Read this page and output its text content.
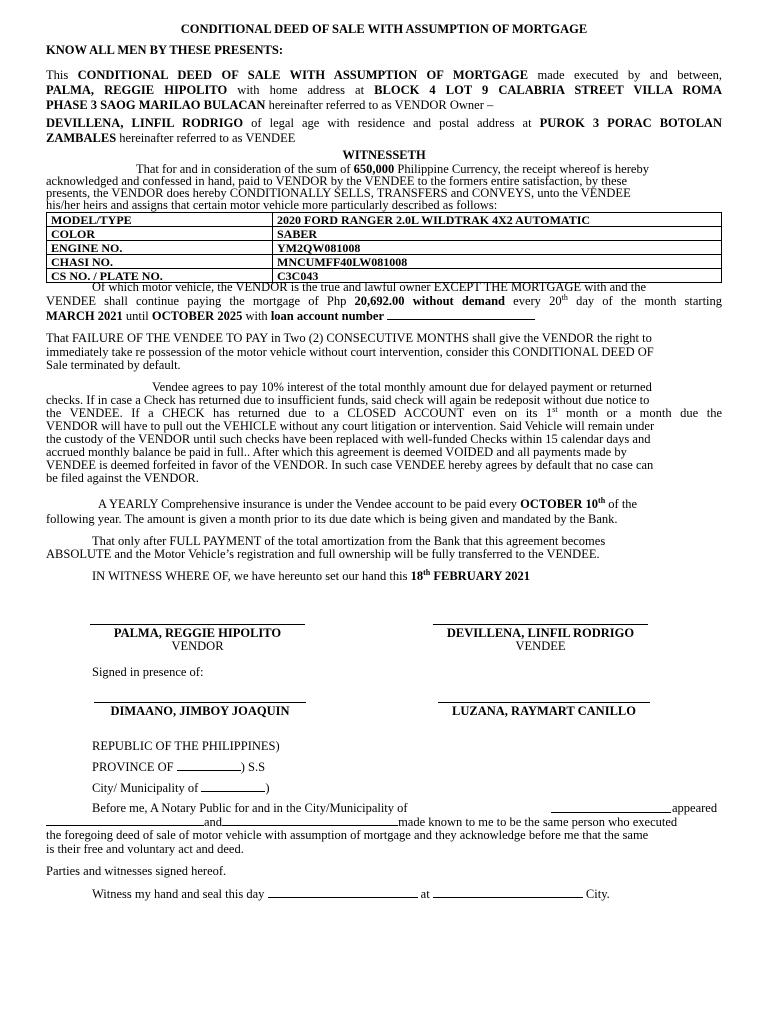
CONDITIONAL DEED OF SALE WITH ASSUMPTION OF MORTGAGE
KNOW ALL MEN BY THESE PRESENTS:
This CONDITIONAL DEED OF SALE WITH ASSUMPTION OF MORTGAGE made executed by and between,
PALMA, REGGIE HIPOLITO with home address at BLOCK 4 LOT 9 CALABRIA STREET VILLA ROMA
PHASE 3 SAOG MARILAO BULACAN hereinafter referred to as VENDOR Owner –
DEVILLENA, LINFIL RODRIGO of legal age with residence and postal address at PUROK 3 PORAC BOTOLAN
ZAMBALES hereinafter referred to as VENDEE
WITNESSETH
That for and in consideration of the sum of 650,000 Philippine Currency, the receipt whereof is hereby
acknowledged and confessed in hand, paid to VENDOR by the VENDEE to the formers entire satisfaction, by these
presents, the VENDOR does hereby CONDITIONALLY SELLS, TRANSFERS and CONVEYS, unto the VENDEE
his/her heirs and assigns that certain motor vehicle more particularly described as follows:
MODEL/TYPE	2020 FORD RANGER 2.0L WILDTRAK 4X2 AUTOMATIC
COLOR	SABER
ENGINE NO.	YM2QW081008
CHASI NO.	MNCUMFF40LW081008
CS NO. / PLATE NO.	C3C043
Of which motor vehicle, the VENDOR is the true and lawful owner EXCEPT THE MORTGAGE with and the
VENDEE shall continue paying the mortgage of Php 20,692.00 without demand every 20th day of the month starting
MARCH 2021 until OCTOBER 2025 with loan account number
That FAILURE OF THE VENDEE TO PAY in Two (2) CONSECUTIVE MONTHS shall give the VENDOR the right to
immediately take re possession of the motor vehicle without court intervention, consider this CONDITIONAL DEED OF
Sale terminated by default.
Vendee agrees to pay 10% interest of the total monthly amount due for delayed payment or returned
checks. If in case a Check has returned due to insufficient funds, said check will again be redeposit without due notice to
the VENDEE. If a CHECK has returned due to a CLOSED ACCOUNT even on its 1st month or a month due the
VENDOR will have to pull out the VEHICLE without any court litigation or intervention. Said Vehicle will remain under
the custody of the VENDOR until such checks have been replaced with well-funded Checks within 15 calendar days and
accrued monthly balance be paid in full.. After which this agreement is deemed VOIDED and all payments made by
VENDEE is deemed forfeited in favor of the VENDOR. In such case VENDEE hereby agrees by default that no case can
be filed against the VENDOR.
A YEARLY Comprehensive insurance is under the Vendee account to be paid every OCTOBER 10th of the
following year. The amount is given a month prior to its due date which is being given and mandated by the Bank.
That only after FULL PAYMENT of the total amortization from the Bank that this agreement becomes
ABSOLUTE and the Motor Vehicle’s registration and full ownership will be fully transferred to the VENDEE.
IN WITNESS WHERE OF, we have hereunto set our hand this 18th FEBRUARY 2021
PALMA, REGGIE HIPOLITO
VENDOR
DEVILLENA, LINFIL RODRIGO
VENDEE
Signed in presence of:
DIMAANO, JIMBOY JOAQUIN	LUZANA, RAYMART CANILLO
REPUBLIC OF THE PHILIPPINES)
PROVINCE OF	) S.S
City/ Municipality of	)
Before me, A Notary Public for and in the City/Municipality of	appeared
and	made known to me to be the same person who executed
the foregoing deed of sale of motor vehicle with assumption of mortgage and they acknowledge before me that the same
is their free and voluntary act and deed.
Parties and witnesses signed hereof.
Witness my hand and seal this day	at	City.
